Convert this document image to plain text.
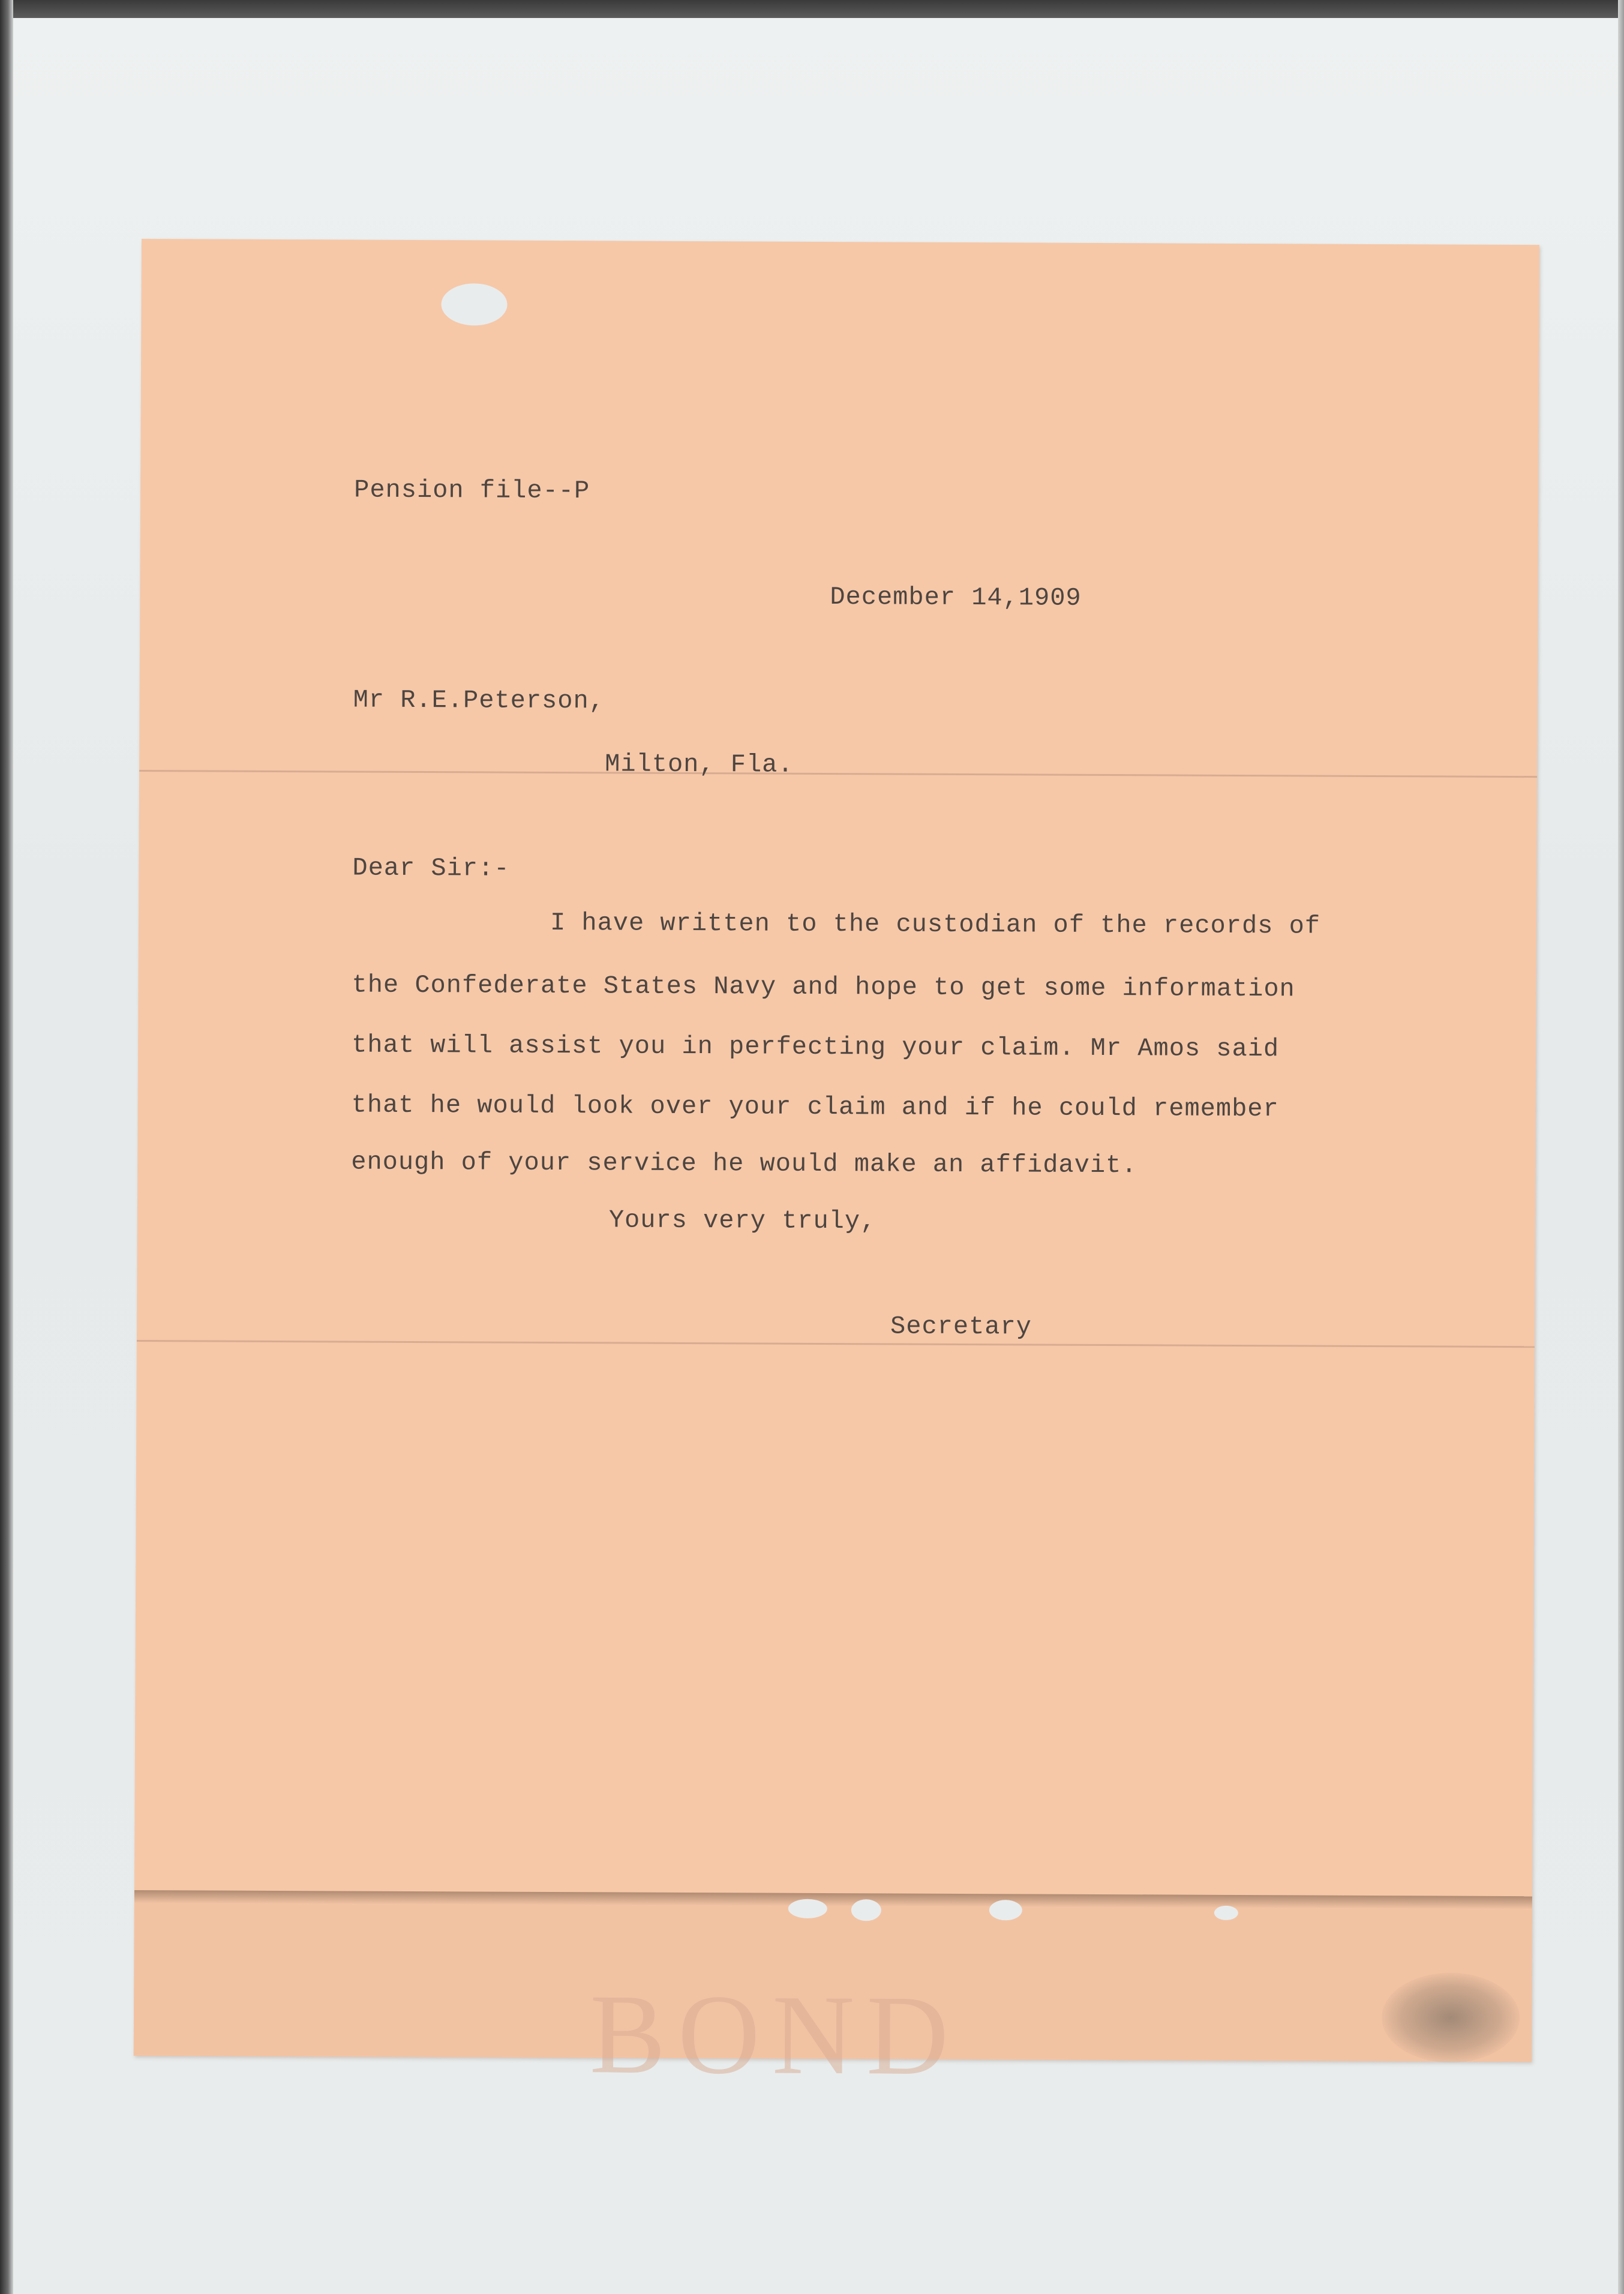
BOND
Pension file--P
December 14,1909
Mr R.E.Peterson,
Milton, Fla.
Dear Sir:-
I have written to the custodian of the records of
the Confederate States Navy and hope to get some information
that will assist you in perfecting your claim. Mr Amos said
that he would look over your claim and if he could remember
enough of your service he would make an affidavit.
Yours very truly,
Secretary
